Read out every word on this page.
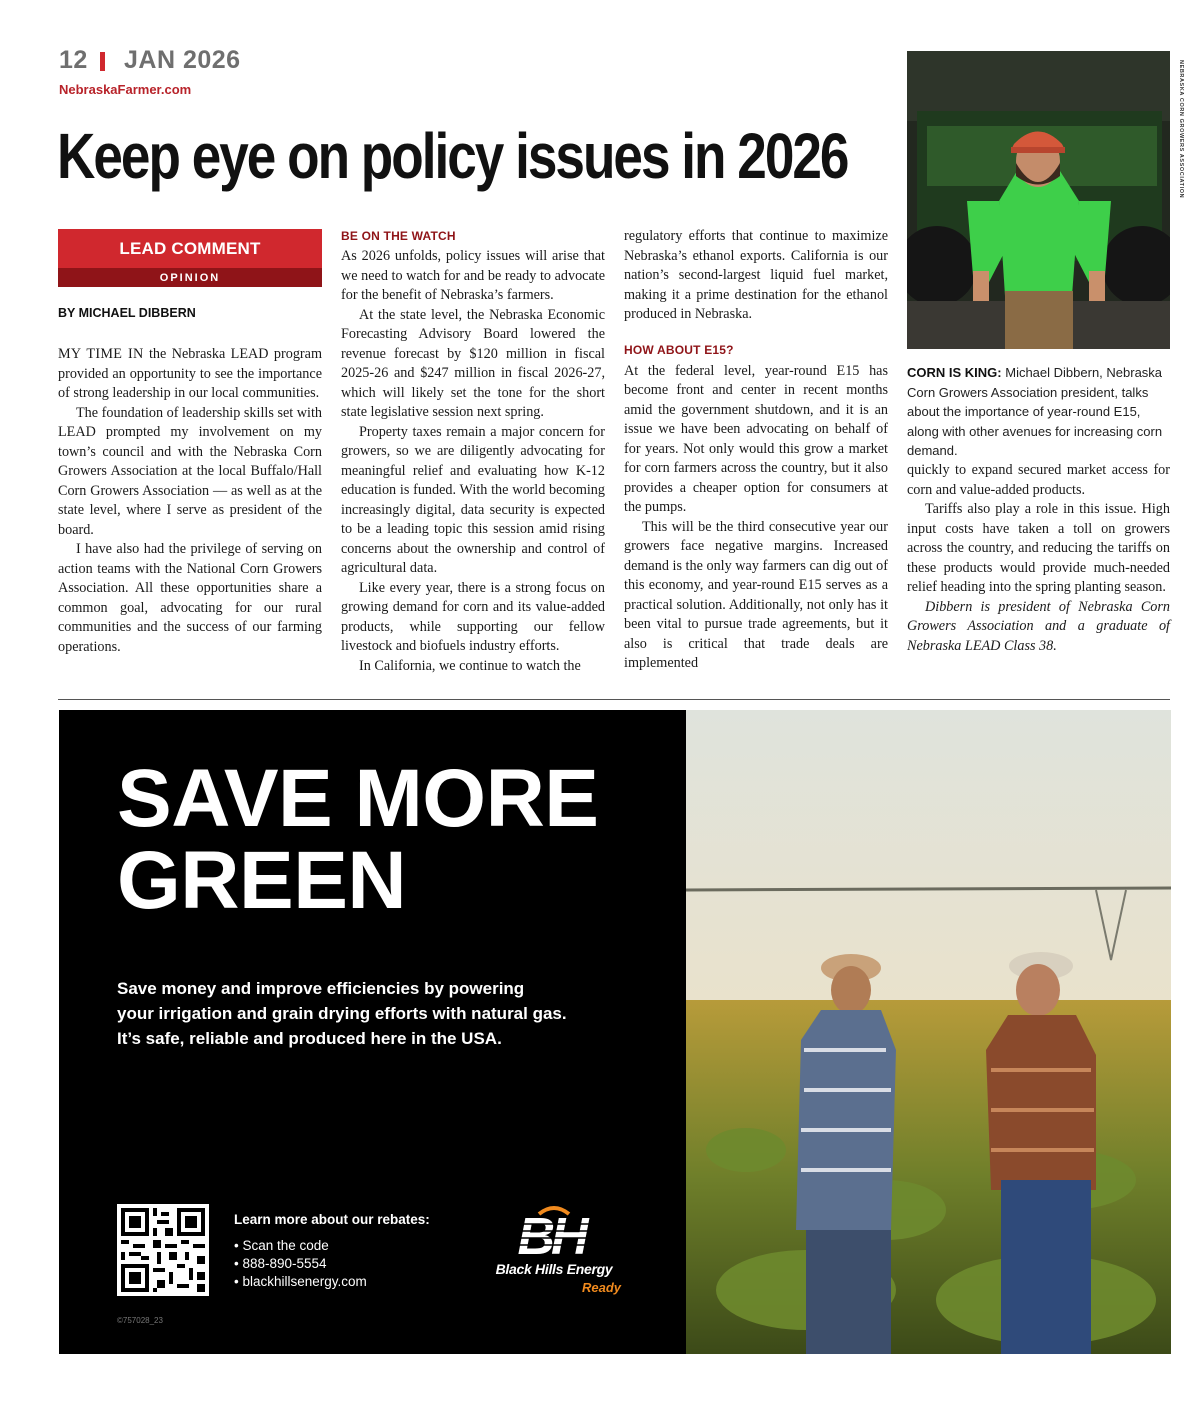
12 JAN 2026
NebraskaFarmer.com
Keep eye on policy issues in 2026	NEBRASKA CORN GROWERS ASSOCIATION
LEAD COMMENT
OPINION
BY MICHAEL DIBBERN

MY TIME IN the Nebraska LEAD program provided an opportunity to see the importance of strong leadership in our local communities.

The foundation of leadership skills set with LEAD prompted my involvement on my town’s council and with the Nebraska Corn Growers Association at the local Buffalo/Hall Corn Growers Association — as well as at the state level, where I serve as president of the board.

I have also had the privilege of serving on action teams with the National Corn Growers Association. All these opportunities share a common goal, advocating for our rural communities and the success of our farming operations.

BE ON THE WATCH

As 2026 unfolds, policy issues will arise that we need to watch for and be ready to advocate for the benefit of Nebraska’s farmers.

At the state level, the Nebraska Economic Forecasting Advisory Board lowered the revenue forecast by $120 million in fiscal 2025-26 and $247 million in fiscal 2026-27, which will likely set the tone for the short state legislative session next spring.

Property taxes remain a major concern for growers, so we are diligently advocating for meaningful relief and evaluating how K-12 education is funded. With the world becoming increasingly digital, data security is expected to be a leading topic this session amid rising concerns about the ownership and control of agricultural data.

Like every year, there is a strong focus on growing demand for corn and its value-added products, while supporting our fellow livestock and biofuels industry efforts.

In California, we continue to watch the

regulatory efforts that continue to maximize Nebraska’s ethanol exports. California is our nation’s second-largest liquid fuel market, making it a prime destination for the ethanol produced in Nebraska.

HOW ABOUT E15?

At the federal level, year-round E15 has become front and center in recent months amid the government shutdown, and it is an issue we have been advocating on behalf of for years. Not only would this grow a market for corn farmers across the country, but it also provides a cheaper option for consumers at the pumps.

This will be the third consecutive year our growers face negative margins. Increased demand is the only way farmers can dig out of this economy, and year-round E15 serves as a practical solution. Additionally, not only has it been vital to pursue trade agreements, but it also is critical that trade deals are implemented

CORN IS KING: Michael Dibbern, Nebraska Corn Growers Association president, talks about the importance of year-round E15, along with other avenues for increasing corn demand.

quickly to expand secured market access for corn and value-added products.

Tariffs also play a role in this issue. High input costs have taken a toll on growers across the country, and reducing the tariffs on these products would provide much-needed relief heading into the spring planting season.

Dibbern is president of Nebraska Corn Growers Association and a graduate of Nebraska LEAD Class 38.

SAVE MORE
GREEN
Save money and improve efficiencies by powering
your irrigation and grain drying efforts with natural gas.
It’s safe, reliable and produced here in the USA.
Learn more about our rebates:
• Scan the code
• 888-890-5554
• blackhillsenergy.com
BH
Black Hills Energy
Ready
©757028_23
